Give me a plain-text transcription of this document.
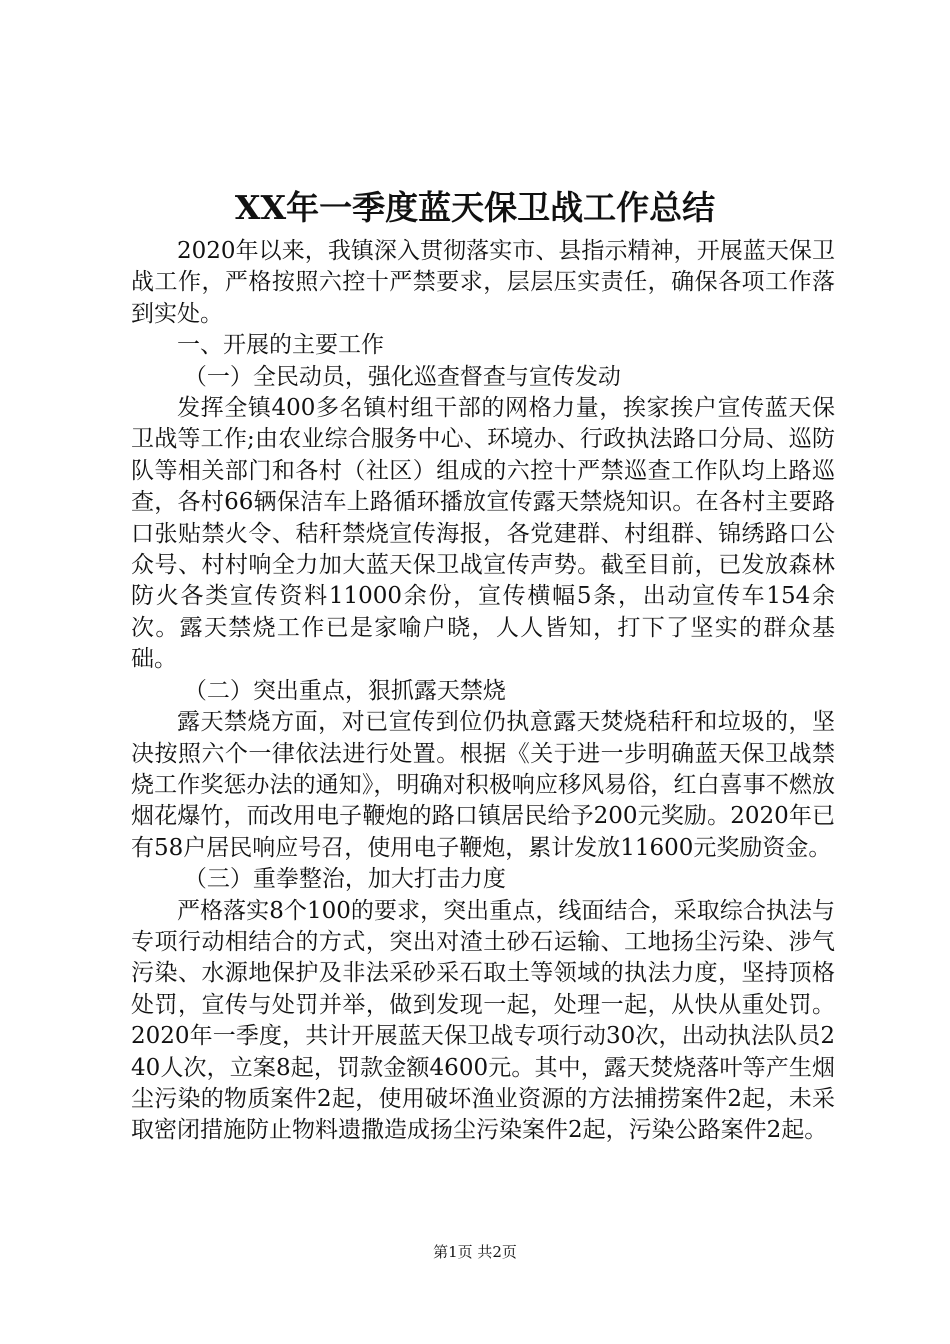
XX年一季度蓝天保卫战工作总结

2020年以来，我镇深入贯彻落实市、县指示精神，开展蓝天保卫战工作，严格按照六控十严禁要求，层层压实责任，确保各项工作落到实处。

一、开展的主要工作

（一）全民动员，强化巡查督查与宣传发动

发挥全镇400多名镇村组干部的网格力量，挨家挨户宣传蓝天保卫战等工作;由农业综合服务中心、环境办、行政执法路口分局、巡防队等相关部门和各村（社区）组成的六控十严禁巡查工作队均上路巡查，各村66辆保洁车上路循环播放宣传露天禁烧知识。在各村主要路口张贴禁火令、秸秆禁烧宣传海报，各党建群、村组群、锦绣路口公众号、村村响全力加大蓝天保卫战宣传声势。截至目前，已发放森林防火各类宣传资料11000余份，宣传横幅5条，出动宣传车154余次。露天禁烧工作已是家喻户晓，人人皆知，打下了坚实的群众基础。

（二）突出重点，狠抓露天禁烧

露天禁烧方面，对已宣传到位仍执意露天焚烧秸秆和垃圾的，坚决按照六个一律依法进行处置。根据《关于进一步明确蓝天保卫战禁烧工作奖惩办法的通知》，明确对积极响应移风易俗，红白喜事不燃放烟花爆竹，而改用电子鞭炮的路口镇居民给予200元奖励。2020年已有58户居民响应号召，使用电子鞭炮，累计发放11600元奖励资金。

（三）重拳整治，加大打击力度

严格落实8个100的要求，突出重点，线面结合，采取综合执法与专项行动相结合的方式，突出对渣土砂石运输、工地扬尘污染、涉气污染、水源地保护及非法采砂采石取土等领域的执法力度，坚持顶格处罚，宣传与处罚并举，做到发现一起，处理一起，从快从重处罚。2020年一季度，共计开展蓝天保卫战专项行动30次，出动执法队员240人次，立案8起，罚款金额4600元。其中，露天焚烧落叶等产生烟尘污染的物质案件2起，使用破坏渔业资源的方法捕捞案件2起，未采取密闭措施防止物料遗撒造成扬尘污染案件2起，污染公路案件2起。

第1页 共2页
